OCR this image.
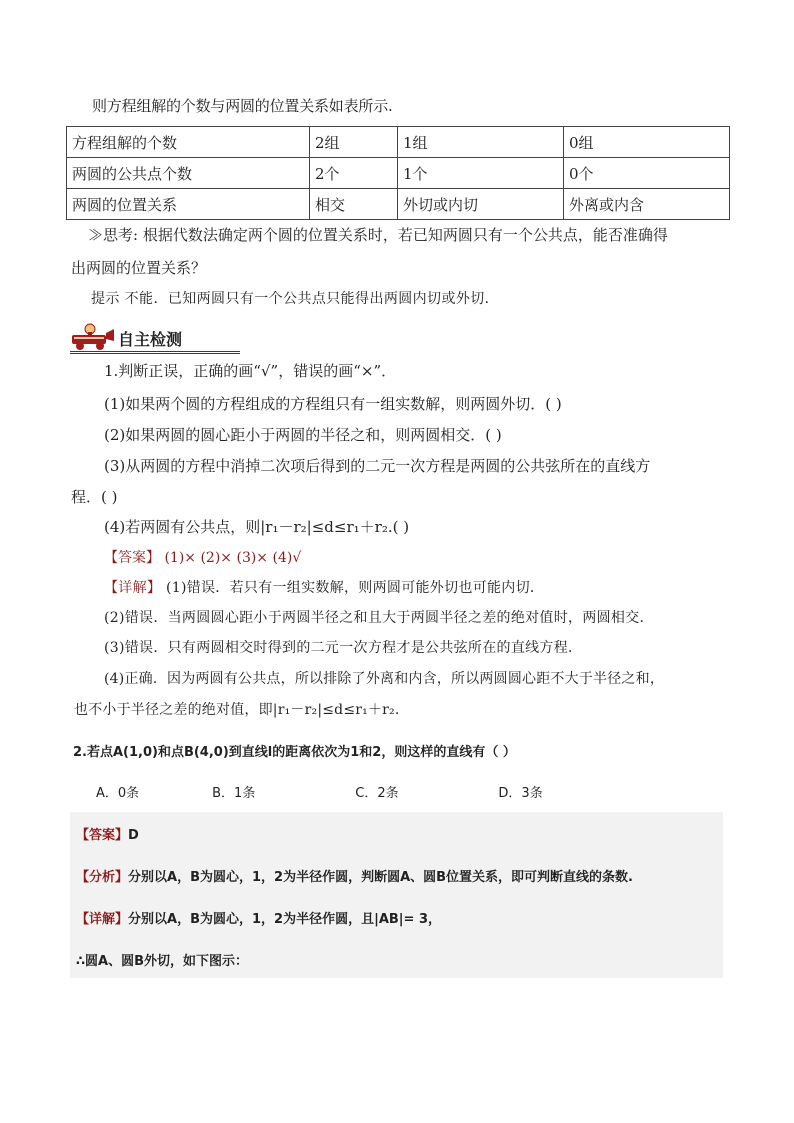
则方程组解的个数与两圆的位置关系如表所示.
方程组解的个数	2组	1组	0组
两圆的公共点个数	2个	1个	0个
两圆的位置关系	相交	外切或内切	外离或内含
≫思考: 根据代数法确定两个圆的位置关系时，若已知两圆只有一个公共点，能否准确得
出两圆的位置关系？
提示 不能．已知两圆只有一个公共点只能得出两圆内切或外切．
自主检测
1.判断正误，正确的画“√”，错误的画“×”．
(1)如果两个圆的方程组成的方程组只有一组实数解，则两圆外切．( )
(2)如果两圆的圆心距小于两圆的半径之和，则两圆相交．( )
(3)从两圆的方程中消掉二次项后得到的二元一次方程是两圆的公共弦所在的直线方
程．( )
(4)若两圆有公共点，则|r₁－r₂|≤d≤r₁＋r₂.( )
【答案】 (1)× (2)× (3)× (4)√
【详解】 (1)错误．若只有一组实数解，则两圆可能外切也可能内切．
(2)错误．当两圆圆心距小于两圆半径之和且大于两圆半径之差的绝对值时，两圆相交．
(3)错误．只有两圆相交时得到的二元一次方程才是公共弦所在的直线方程．
(4)正确．因为两圆有公共点，所以排除了外离和内含，所以两圆圆心距不大于半径之和，
也不小于半径之差的绝对值，即|r₁－r₂|≤d≤r₁＋r₂.
2.若点A(1,0)和点B(4,0)到直线l的距离依次为1和2，则这样的直线有（ ）
A．0条	B．1条	C．2条	D．3条
【答案】D
【分析】分别以A，B为圆心，1，2为半径作圆，判断圆A、圆B位置关系，即可判断直线的条数.
【详解】分别以A，B为圆心，1，2为半径作圆，且|AB|= 3，
∴圆A、圆B外切，如下图示：
